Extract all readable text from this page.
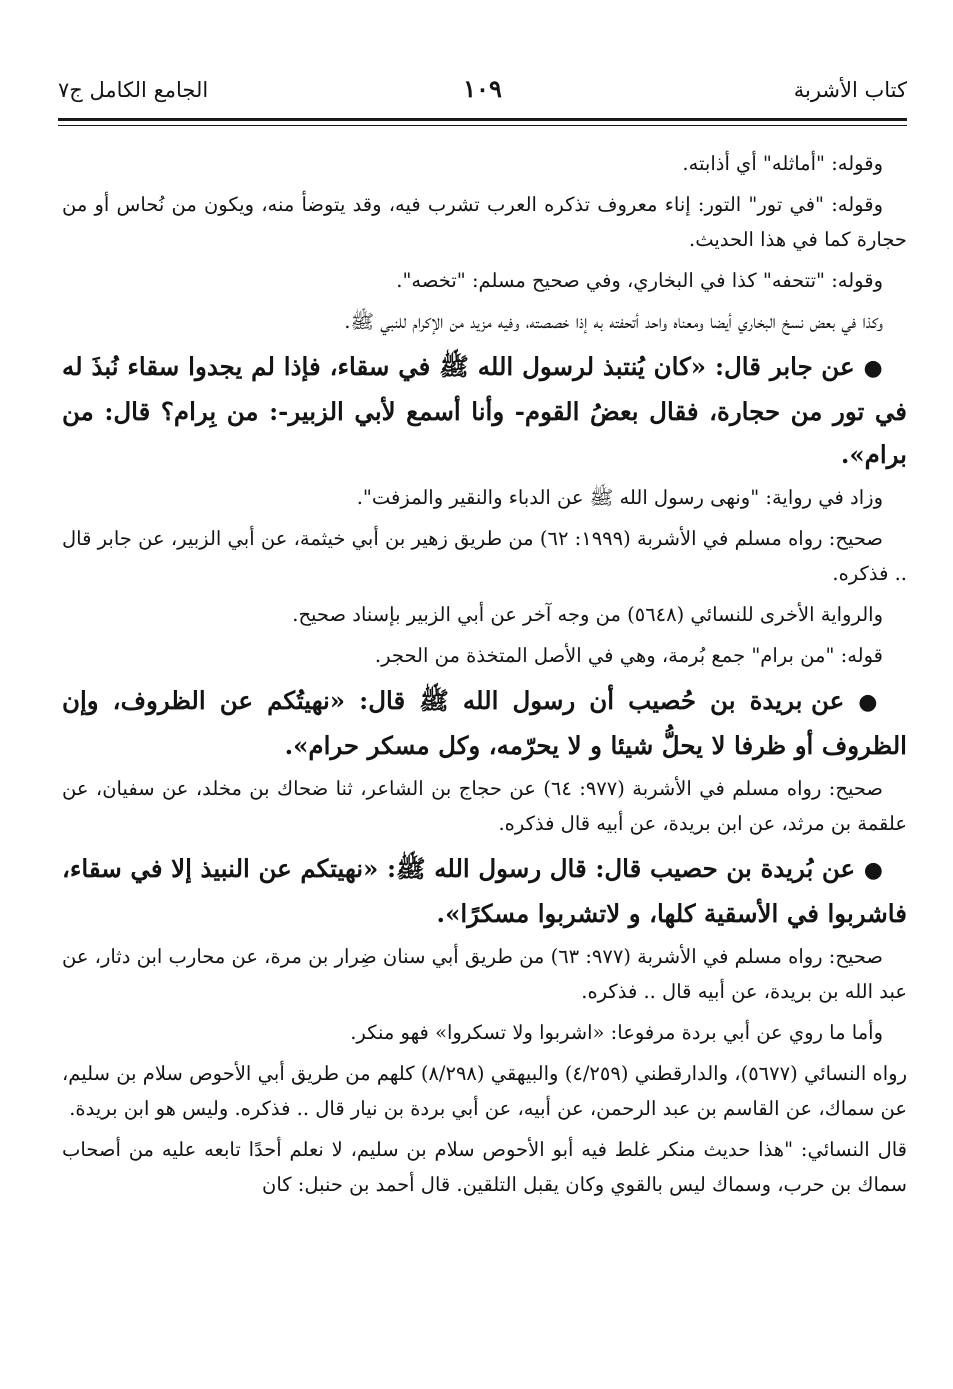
كتاب الأشربة
١٠٩
الجامع الكامل ج٧

وقوله: "أماثله" أي أذابته.

وقوله: "في تور" التور: إناء معروف تذكره العرب تشرب فيه، وقد يتوضأ منه، ويكون من نُحاس أو من حجارة كما في هذا الحديث.

وقوله: "تتحفه" كذا في البخاري، وفي صحيح مسلم: "تخصه".

وكذا في بعض نسخ البخاري أيضا ومعناه واحد أتحفته به إذا خصصته، وفيه مزيد من الإكرام للنبي ﷺ.

● عن جابر قال: «كان يُنتبذ لرسول الله ﷺ في سقاء، فإذا لم يجدوا سقاء نُبذَ له في تور من حجارة، فقال بعضُ القوم- وأنا أسمع لأبي الزبير-: من بِرام؟ قال: من برام».

وزاد في رواية: "ونهى رسول الله ﷺ عن الدباء والنقير والمزفت".

صحيح: رواه مسلم في الأشربة (١٩٩٩: ٦٢) من طريق زهير بن أبي خيثمة، عن أبي الزبير، عن جابر قال .. فذكره.

والرواية الأخرى للنسائي (٥٦٤٨) من وجه آخر عن أبي الزبير بإسناد صحيح.

قوله: "من برام" جمع بُرمة، وهي في الأصل المتخذة من الحجر.

● عن بريدة بن حُصيب أن رسول الله ﷺ قال: «نهيتُكم عن الظروف، وإن الظروف أو ظرفا لا يحلُّ شيئا و لا يحرّمه، وكل مسكر حرام».

صحيح: رواه مسلم في الأشربة (٩٧٧: ٦٤) عن حجاج بن الشاعر، ثنا ضحاك بن مخلد، عن سفيان، عن علقمة بن مرثد، عن ابن بريدة، عن أبيه قال فذكره.

● عن بُريدة بن حصيب قال: قال رسول الله ﷺ: «نهيتكم عن النبيذ إلا في سقاء، فاشربوا في الأسقية كلها، و لاتشربوا مسكرًا».

صحيح: رواه مسلم في الأشربة (٩٧٧: ٦٣) من طريق أبي سنان ضِرار بن مرة، عن محارب ابن دثار، عن عبد الله بن بريدة، عن أبيه قال .. فذكره.

وأما ما روي عن أبي بردة مرفوعا: «اشربوا ولا تسكروا» فهو منكر.

رواه النسائي (٥٦٧٧)، والدارقطني (٤/٢٥٩) والبيهقي (٨/٢٩٨) كلهم من طريق أبي الأحوص سلام بن سليم، عن سماك، عن القاسم بن عبد الرحمن، عن أبيه، عن أبي بردة بن نيار قال .. فذكره. وليس هو ابن بريدة.

قال النسائي: "هذا حديث منكر غلط فيه أبو الأحوص سلام بن سليم، لا نعلم أحدًا تابعه عليه من أصحاب سماك بن حرب، وسماك ليس بالقوي وكان يقبل التلقين. قال أحمد بن حنبل: كان
